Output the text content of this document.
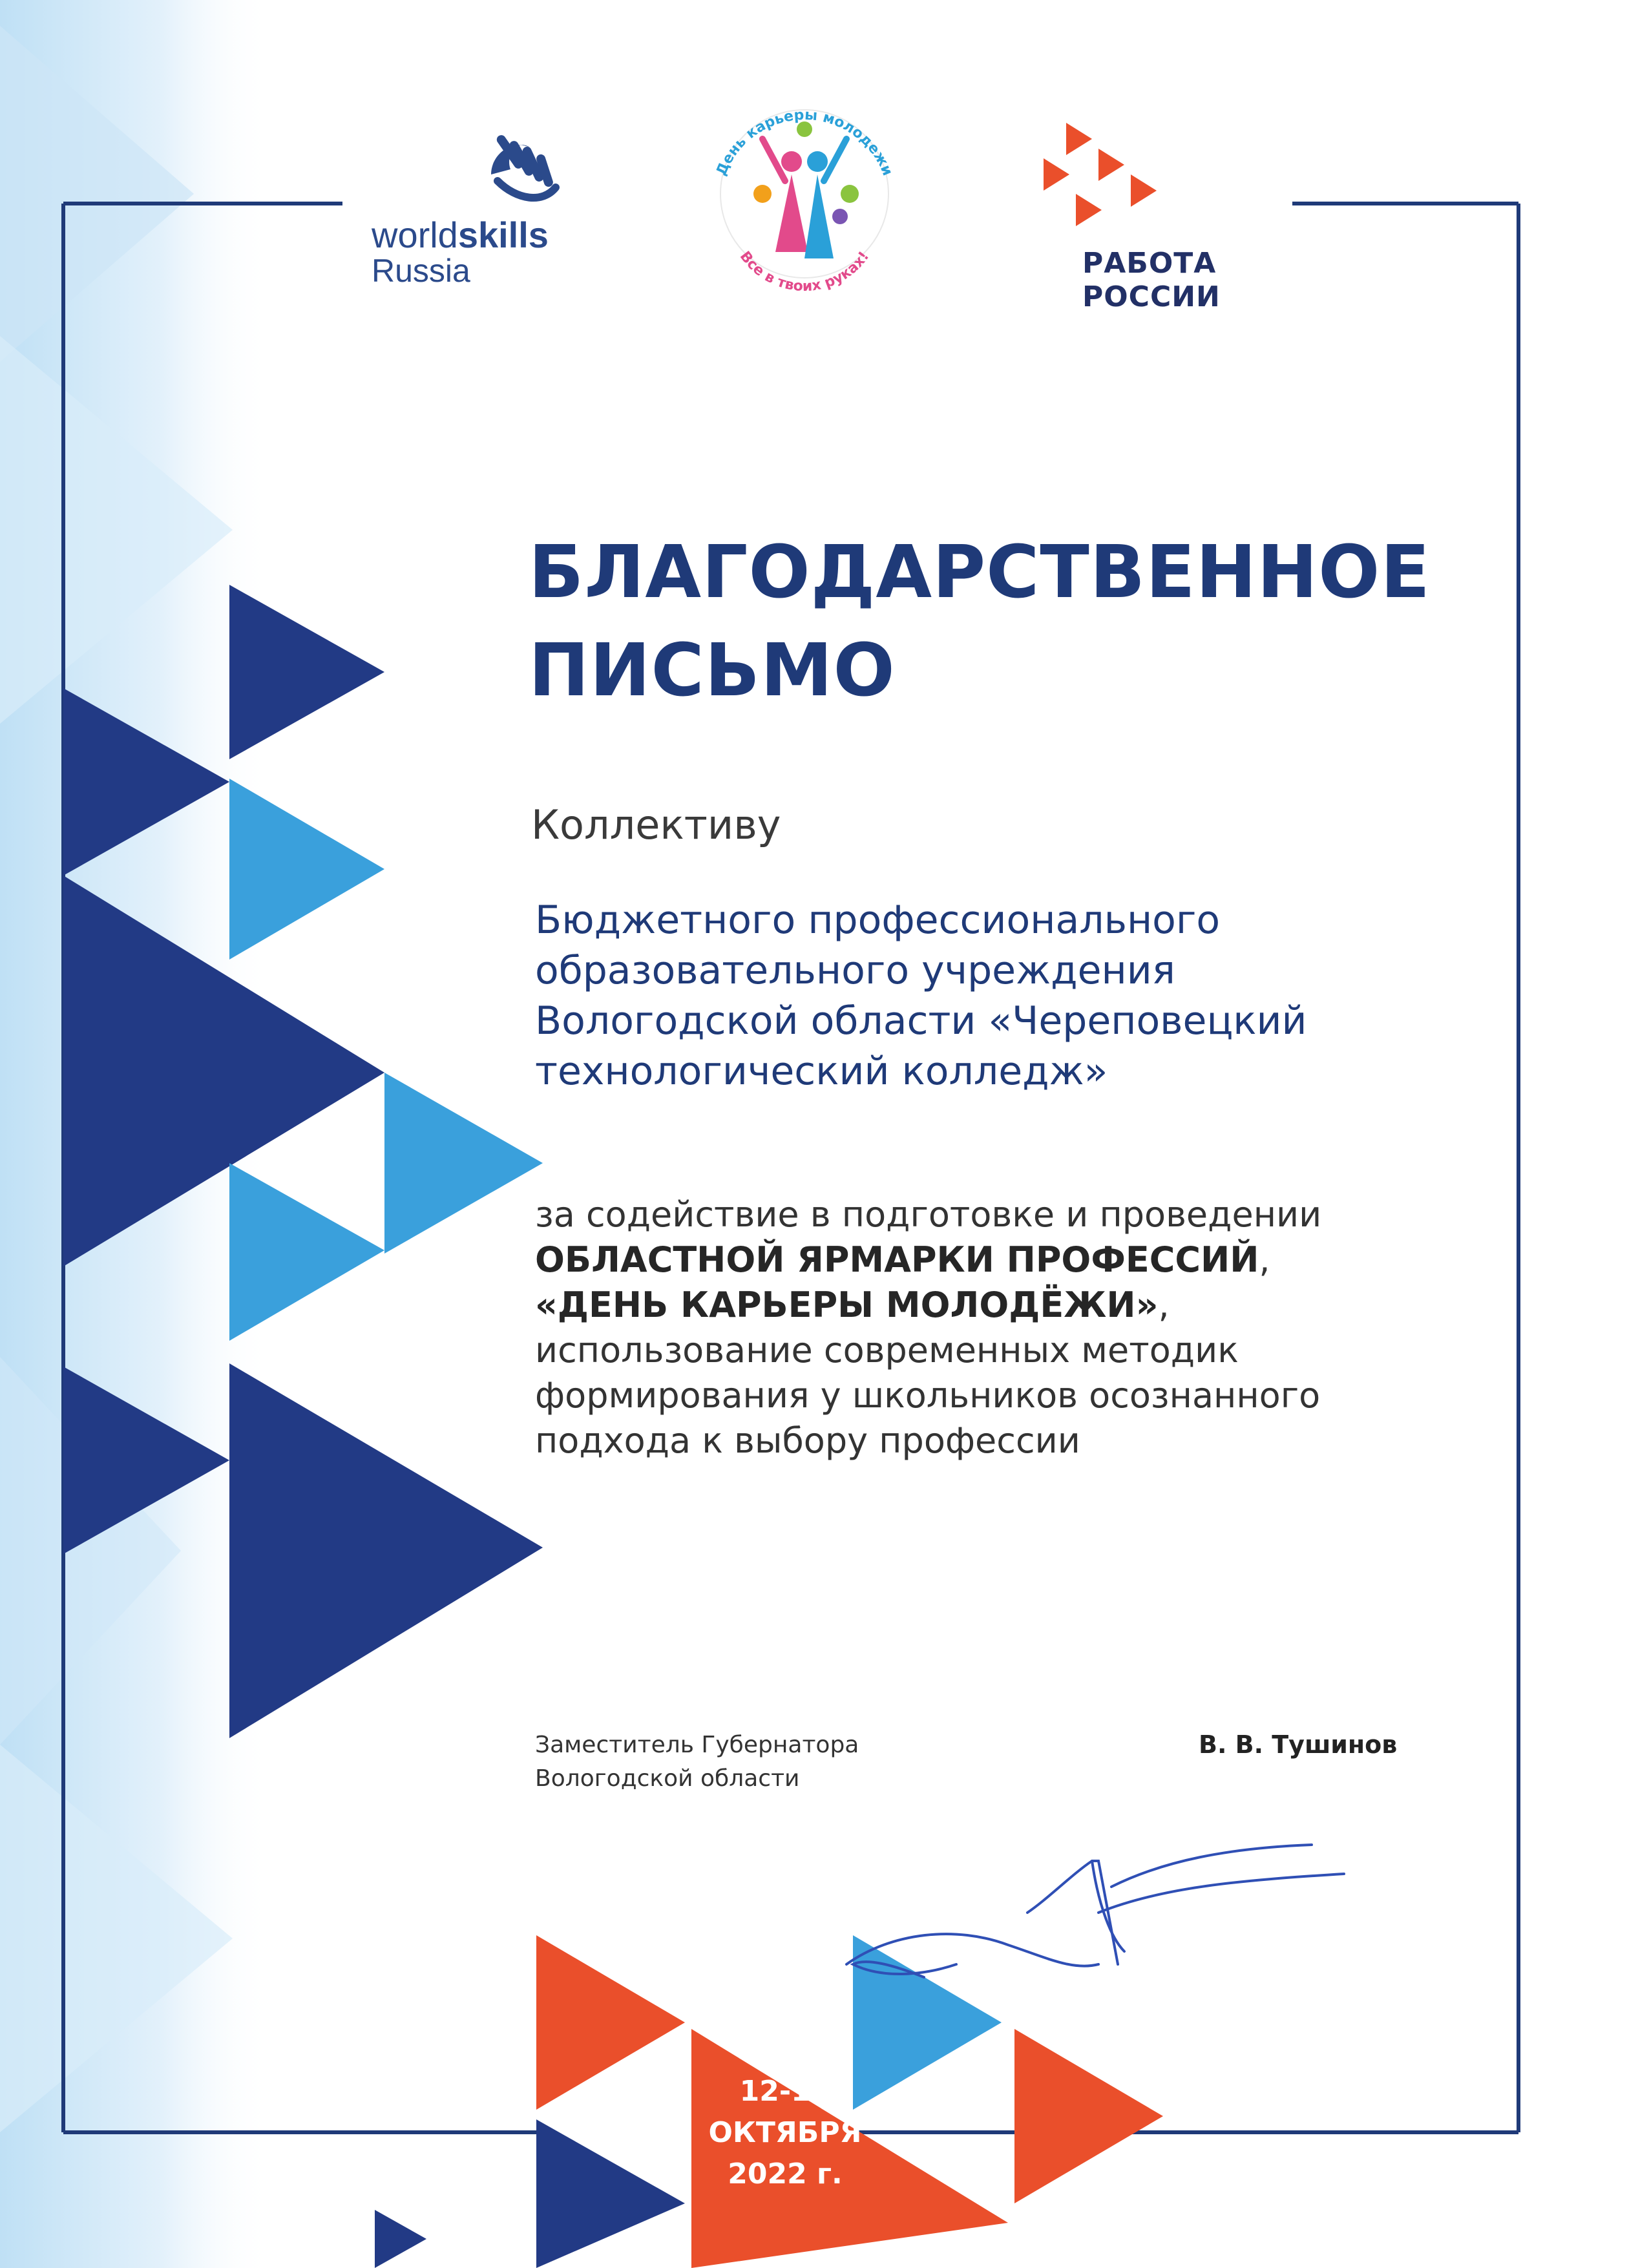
worldskills
Russia
День карьеры молодежи
Все в твоих руках!	РАБОТА
РОССИИ
БЛАГОДАРСТВЕННОЕ
ПИСЬМО
Коллективу
Бюджетного профессионального
образовательного учреждения
Вологодской области «Череповецкий
технологический колледж»
за содействие в подготовке и проведении
ОБЛАСТНОЙ ЯРМАРКИ ПРОФЕССИЙ,
«ДЕНЬ КАРЬЕРЫ МОЛОДЁЖИ»,
использование современных методик
формирования у школьников осознанного
подхода к выбору профессии
Заместитель Губернатора
Вологодской области
В. В. Тушинов
12-13
ОКТЯБРЯ
2022 г.
